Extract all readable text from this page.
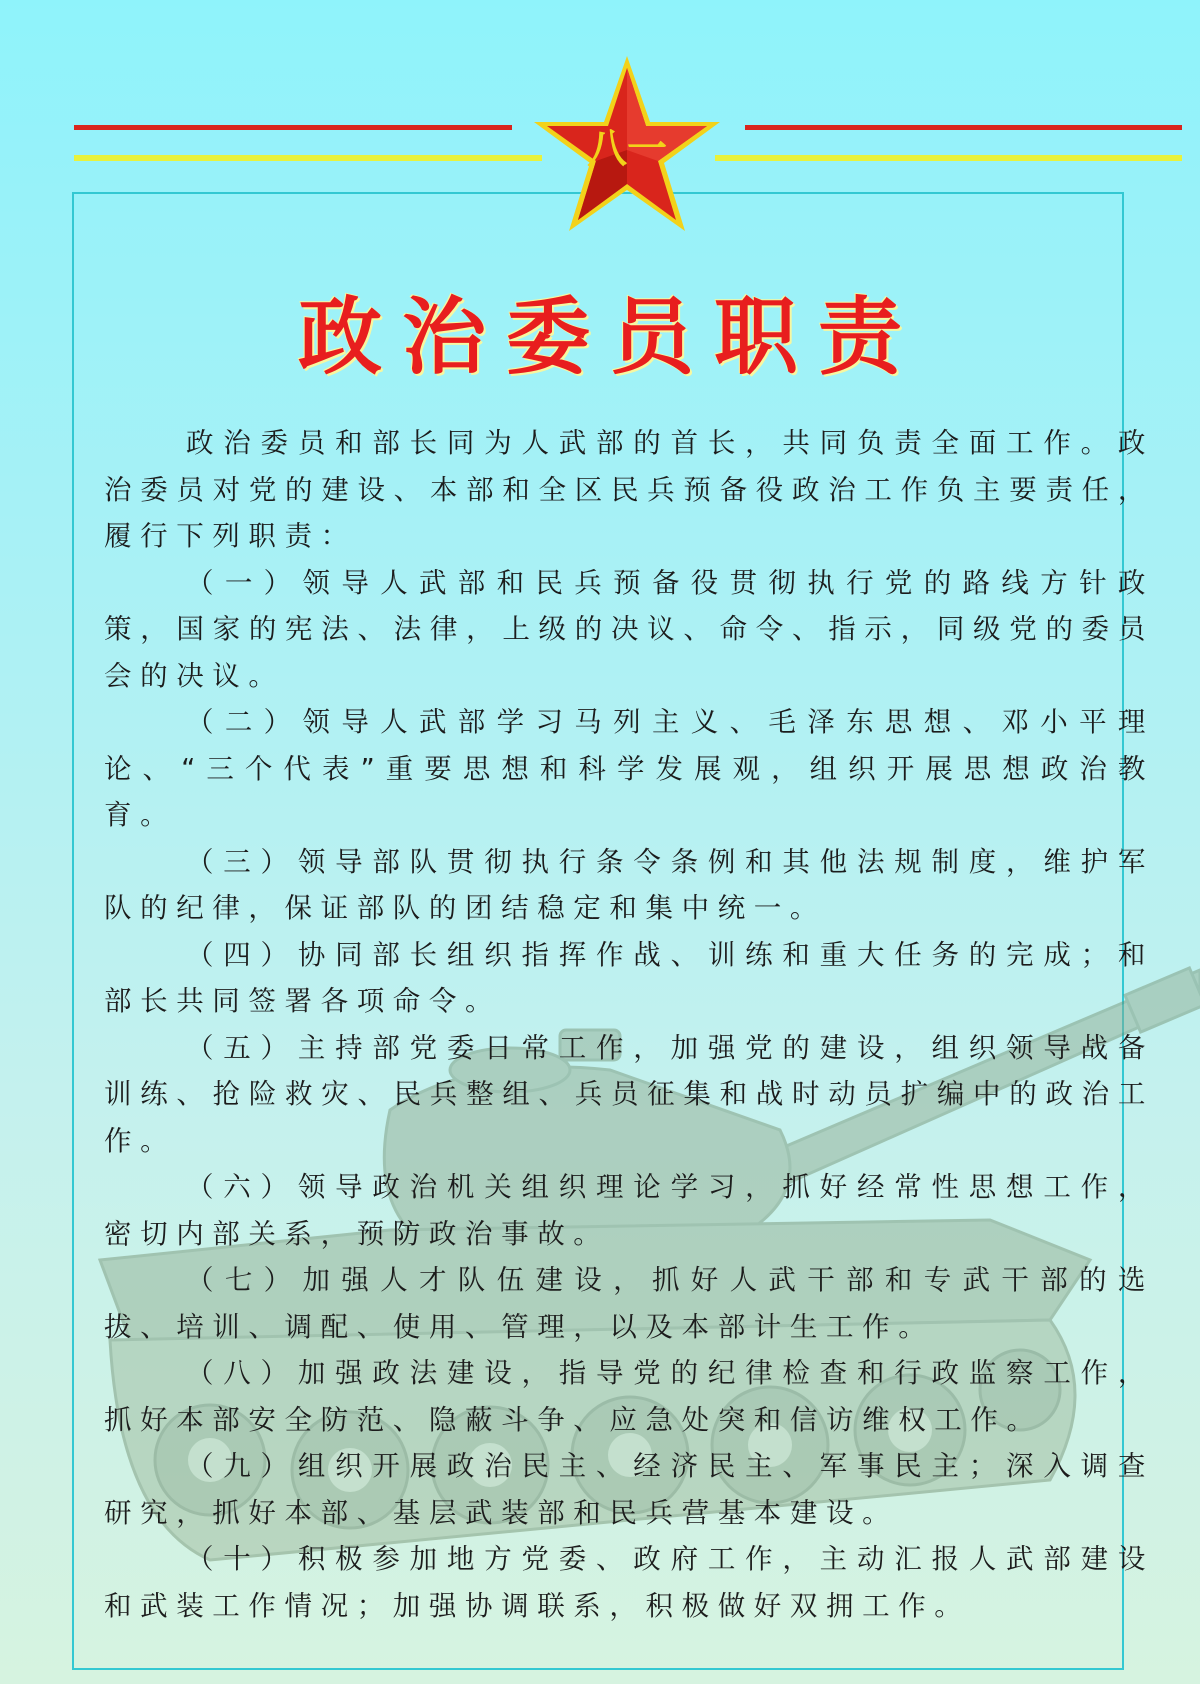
八一
政治委员职责

政治委员和部长同为人武部的首长，共同负责全面工作。政治委员对党的建设、本部和全区民兵预备役政治工作负主要责任，履行下列职责：

（一）领导人武部和民兵预备役贯彻执行党的路线方针政策，国家的宪法、法律，上级的决议、命令、指示，同级党的委员会的决议。

（二）领导人武部学习马列主义、毛泽东思想、邓小平理论、“三个代表”重要思想和科学发展观，组织开展思想政治教育。

（三）领导部队贯彻执行条令条例和其他法规制度，维护军队的纪律，保证部队的团结稳定和集中统一。

（四）协同部长组织指挥作战、训练和重大任务的完成；和部长共同签署各项命令。

（五）主持部党委日常工作，加强党的建设，组织领导战备训练、抢险救灾、民兵整组、兵员征集和战时动员扩编中的政治工作。

（六）领导政治机关组织理论学习，抓好经常性思想工作，密切内部关系，预防政治事故。

（七）加强人才队伍建设，抓好人武干部和专武干部的选拔、培训、调配、使用、管理，以及本部计生工作。

（八）加强政法建设，指导党的纪律检查和行政监察工作，抓好本部安全防范、隐蔽斗争、应急处突和信访维权工作。

（九）组织开展政治民主、经济民主、军事民主；深入调查研究，抓好本部、基层武装部和民兵营基本建设。

（十）积极参加地方党委、政府工作，主动汇报人武部建设和武装工作情况；加强协调联系，积极做好双拥工作。
